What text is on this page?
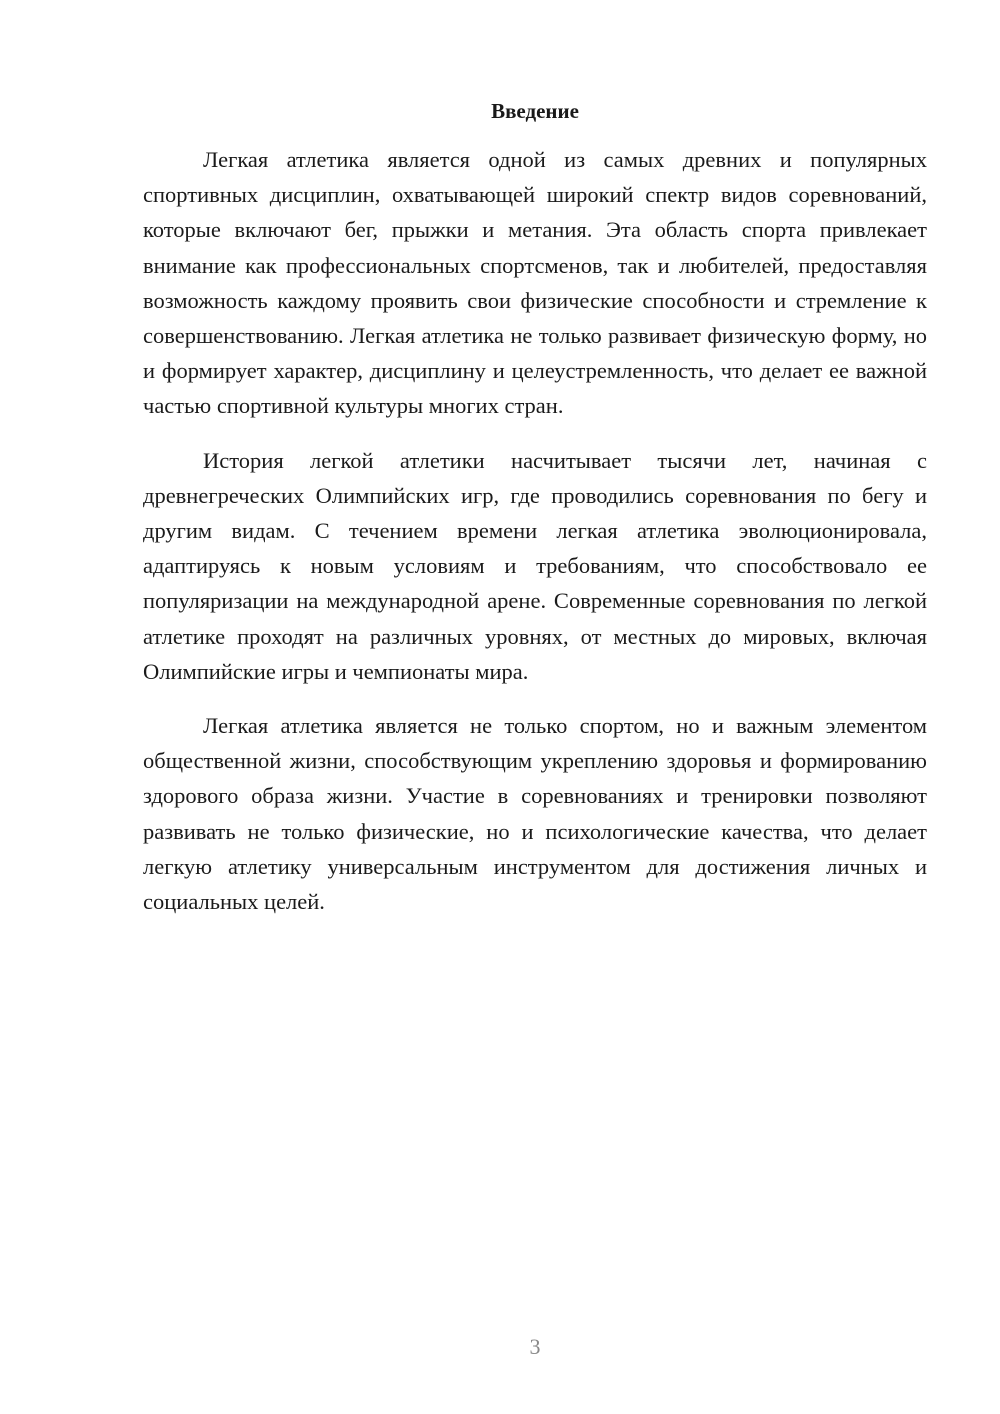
Введение

Легкая атлетика является одной из самых древних и популярных спортивных дисциплин, охватывающей широкий спектр видов соревнований, которые включают бег, прыжки и метания. Эта область спорта привлекает внимание как профессиональных спортсменов, так и любителей, предоставляя возможность каждому проявить свои физические способности и стремление к совершенствованию. Легкая атлетика не только развивает физическую форму, но и формирует характер, дисциплину и целеустремленность, что делает ее важной частью спортивной культуры многих стран.

История легкой атлетики насчитывает тысячи лет, начиная с древнегреческих Олимпийских игр, где проводились соревнования по бегу и другим видам. С течением времени легкая атлетика эволюционировала, адаптируясь к новым условиям и требованиям, что способствовало ее популяризации на международной арене. Современные соревнования по легкой атлетике проходят на различных уровнях, от местных до мировых, включая Олимпийские игры и чемпионаты мира.

Легкая атлетика является не только спортом, но и важным элементом общественной жизни, способствующим укреплению здоровья и формированию здорового образа жизни. Участие в соревнованиях и тренировки позволяют развивать не только физические, но и психологические качества, что делает легкую атлетику универсальным инструментом для достижения личных и социальных целей.

3
